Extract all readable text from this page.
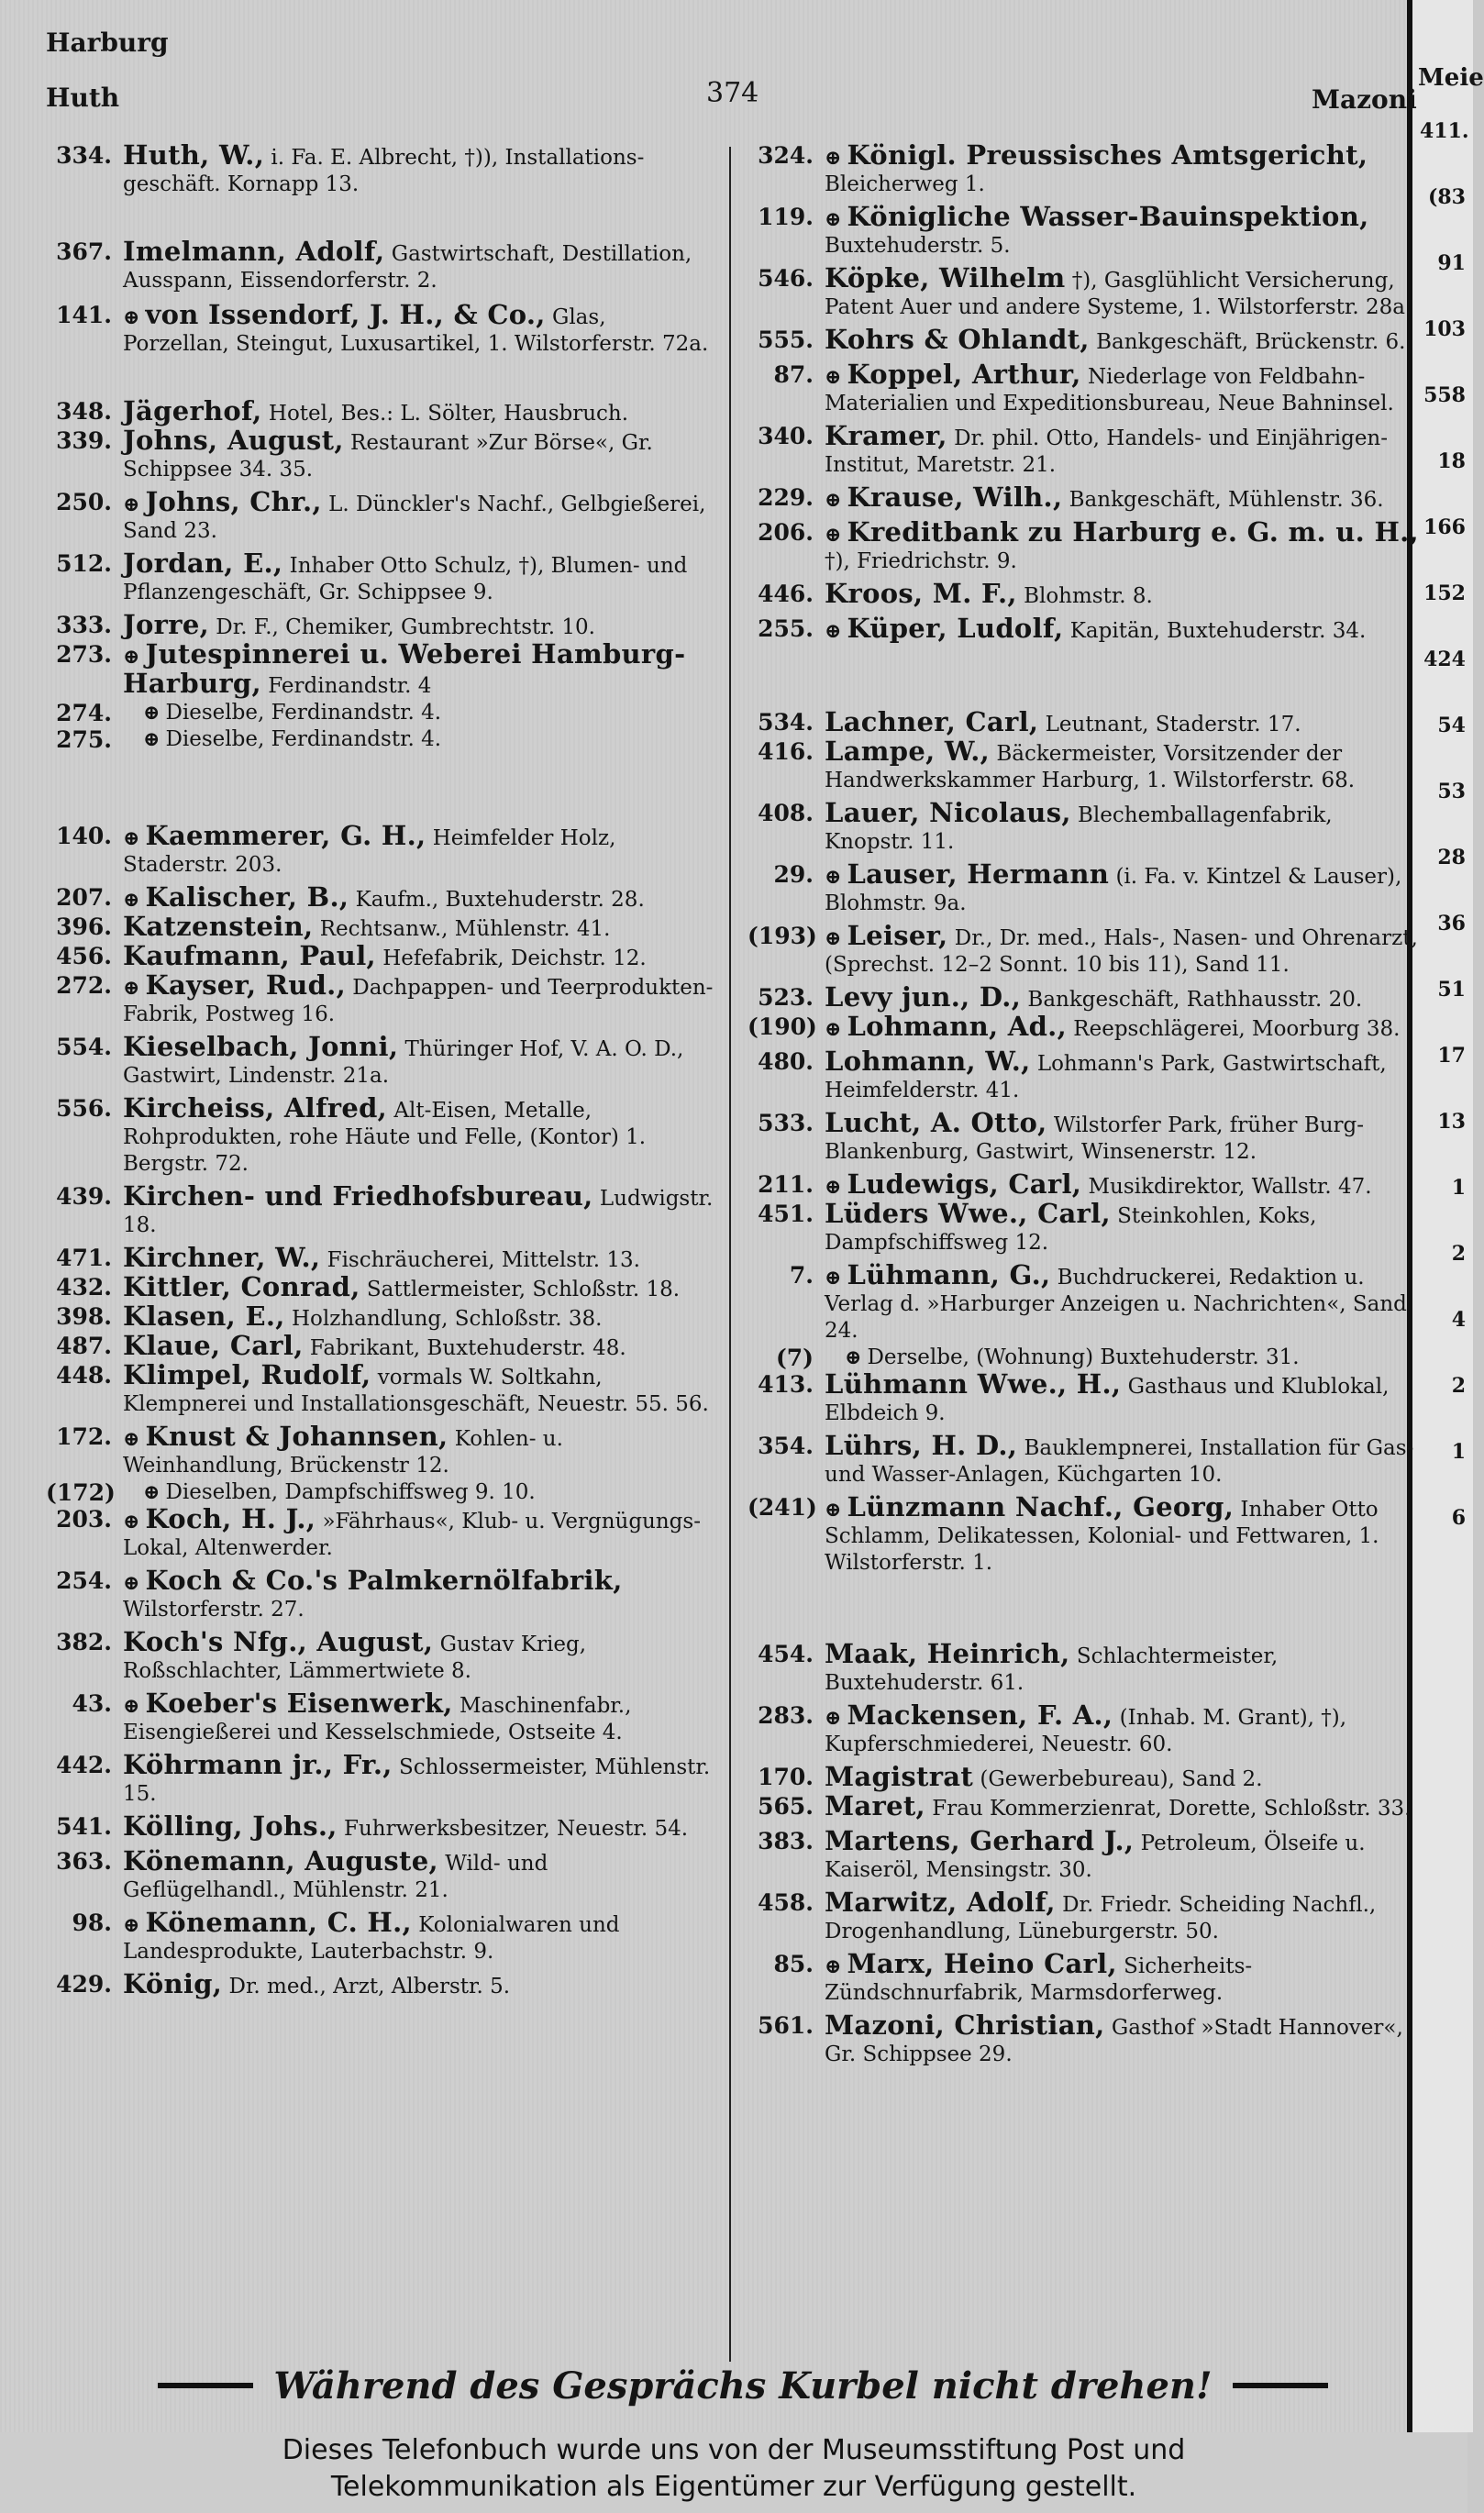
Meie
411.
(83
91
103
558
18
166
152
424
54
53
28
36
51
17
13
1
2
4
2
1
6
Harburg
Huth	374	Mazoni
334. Huth, W., i. Fa. E. Albrecht, †)), Installations-geschäft. Kornapp 13.
367. Imelmann, Adolf, Gastwirtschaft, Destillation, Ausspann, Eissendorferstr. 2.
141. ⊕ von Issendorf, J. H., & Co., Glas, Porzellan, Steingut, Luxusartikel, 1. Wilstorferstr. 72a.
348. Jägerhof, Hotel, Bes.: L. Sölter, Hausbruch.
339. Johns, August, Restaurant »Zur Börse«, Gr. Schippsee 34. 35.
250. ⊕ Johns, Chr., L. Dünckler's Nachf., Gelbgießerei, Sand 23.
512. Jordan, E., Inhaber Otto Schulz, †), Blumen- und Pflanzengeschäft, Gr. Schippsee 9.
333. Jorre, Dr. F., Chemiker, Gumbrechtstr. 10.
273. ⊕ Jutespinnerei u. Weberei Hamburg-Harburg, Ferdinandstr. 4
274.	⊕ Dieselbe, Ferdinandstr. 4.
275.	⊕ Dieselbe, Ferdinandstr. 4.
140. ⊕ Kaemmerer, G. H., Heimfelder Holz, Staderstr. 203.
207. ⊕ Kalischer, B., Kaufm., Buxtehuderstr. 28.
396. Katzenstein, Rechtsanw., Mühlenstr. 41.
456. Kaufmann, Paul, Hefefabrik, Deichstr. 12.
272. ⊕ Kayser, Rud., Dachpappen- und Teerprodukten-Fabrik, Postweg 16.
554. Kieselbach, Jonni, Thüringer Hof, V. A. O. D., Gastwirt, Lindenstr. 21a.
556. Kircheiss, Alfred, Alt-Eisen, Metalle, Rohprodukten, rohe Häute und Felle, (Kontor) 1. Bergstr. 72.
439. Kirchen- und Friedhofsbureau, Ludwigstr. 18.
471. Kirchner, W., Fischräucherei, Mittelstr. 13.
432. Kittler, Conrad, Sattlermeister, Schloßstr. 18.
398. Klasen, E., Holzhandlung, Schloßstr. 38.
487. Klaue, Carl, Fabrikant, Buxtehuderstr. 48.
448. Klimpel, Rudolf, vormals W. Soltkahn, Klempnerei und Installationsgeschäft, Neuestr. 55. 56.
172. ⊕ Knust & Johannsen, Kohlen- u. Weinhandlung, Brückenstr 12.
(172)	⊕ Dieselben, Dampfschiffsweg 9. 10.
203. ⊕ Koch, H. J., »Fährhaus«, Klub- u. Vergnügungs-Lokal, Altenwerder.
254. ⊕ Koch & Co.'s Palmkernölfabrik, Wilstorferstr. 27.
382. Koch's Nfg., August, Gustav Krieg, Roßschlachter, Lämmertwiete 8.
43. ⊕ Koeber's Eisenwerk, Maschinenfabr., Eisengießerei und Kesselschmiede, Ostseite 4.
442. Köhrmann jr., Fr., Schlossermeister, Mühlenstr. 15.
541. Kölling, Johs., Fuhrwerksbesitzer, Neuestr. 54.
363. Könemann, Auguste, Wild- und Geflügelhandl., Mühlenstr. 21.
98. ⊕ Könemann, C. H., Kolonialwaren und Landesprodukte, Lauterbachstr. 9.
429. König, Dr. med., Arzt, Alberstr. 5.
324. ⊕ Königl. Preussisches Amtsgericht, Bleicherweg 1.
119. ⊕ Königliche Wasser-Bauinspektion, Buxtehuderstr. 5.
546. Köpke, Wilhelm †), Gasglühlicht Versicherung, Patent Auer und andere Systeme, 1. Wilstorferstr. 28a.
555. Kohrs & Ohlandt, Bankgeschäft, Brückenstr. 6.
87. ⊕ Koppel, Arthur, Niederlage von Feldbahn-Materialien und Expeditionsbureau, Neue Bahninsel.
340. Kramer, Dr. phil. Otto, Handels- und Einjährigen-Institut, Maretstr. 21.
229. ⊕ Krause, Wilh., Bankgeschäft, Mühlenstr. 36.
206. ⊕ Kreditbank zu Harburg e. G. m. u. H., †), Friedrichstr. 9.
446. Kroos, M. F., Blohmstr. 8.
255. ⊕ Küper, Ludolf, Kapitän, Buxtehuderstr. 34.
534. Lachner, Carl, Leutnant, Staderstr. 17.
416. Lampe, W., Bäckermeister, Vorsitzender der Handwerkskammer Harburg, 1. Wilstorferstr. 68.
408. Lauer, Nicolaus, Blechemballagenfabrik, Knopstr. 11.
29. ⊕ Lauser, Hermann (i. Fa. v. Kintzel & Lauser), Blohmstr. 9a.
(193) ⊕ Leiser, Dr., Dr. med., Hals-, Nasen- und Ohrenarzt, (Sprechst. 12–2 Sonnt. 10 bis 11), Sand 11.
523. Levy jun., D., Bankgeschäft, Rathhausstr. 20.
(190) ⊕ Lohmann, Ad., Reepschlägerei, Moorburg 38.
480. Lohmann, W., Lohmann's Park, Gastwirtschaft, Heimfelderstr. 41.
533. Lucht, A. Otto, Wilstorfer Park, früher Burg-Blankenburg, Gastwirt, Winsenerstr. 12.
211. ⊕ Ludewigs, Carl, Musikdirektor, Wallstr. 47.
451. Lüders Wwe., Carl, Steinkohlen, Koks, Dampfschiffsweg 12.
7. ⊕ Lühmann, G., Buchdruckerei, Redaktion u. Verlag d. »Harburger Anzeigen u. Nachrichten«, Sand 24.
(7)	⊕ Derselbe, (Wohnung) Buxtehuderstr. 31.
413. Lühmann Wwe., H., Gasthaus und Klublokal, Elbdeich 9.
354. Lührs, H. D., Bauklempnerei, Installation für Gas- und Wasser-Anlagen, Küchgarten 10.
(241) ⊕ Lünzmann Nachf., Georg, Inhaber Otto Schlamm, Delikatessen, Kolonial- und Fettwaren, 1. Wilstorferstr. 1.
454. Maak, Heinrich, Schlachtermeister, Buxtehuderstr. 61.
283. ⊕ Mackensen, F. A., (Inhab. M. Grant), †), Kupferschmiederei, Neuestr. 60.
170. Magistrat (Gewerbebureau), Sand 2.
565. Maret, Frau Kommerzienrat, Dorette, Schloßstr. 33.
383. Martens, Gerhard J., Petroleum, Ölseife u. Kaiseröl, Mensingstr. 30.
458. Marwitz, Adolf, Dr. Friedr. Scheiding Nachfl., Drogenhandlung, Lüneburgerstr. 50.
85. ⊕ Marx, Heino Carl, Sicherheits-Zündschnurfabrik, Marmsdorferweg.
561. Mazoni, Christian, Gasthof »Stadt Hannover«, Gr. Schippsee 29.
Während des Gesprächs Kurbel nicht drehen!
Dieses Telefonbuch wurde uns von der Museumsstiftung Post und
Telekommunikation als Eigentümer zur Verfügung gestellt.
